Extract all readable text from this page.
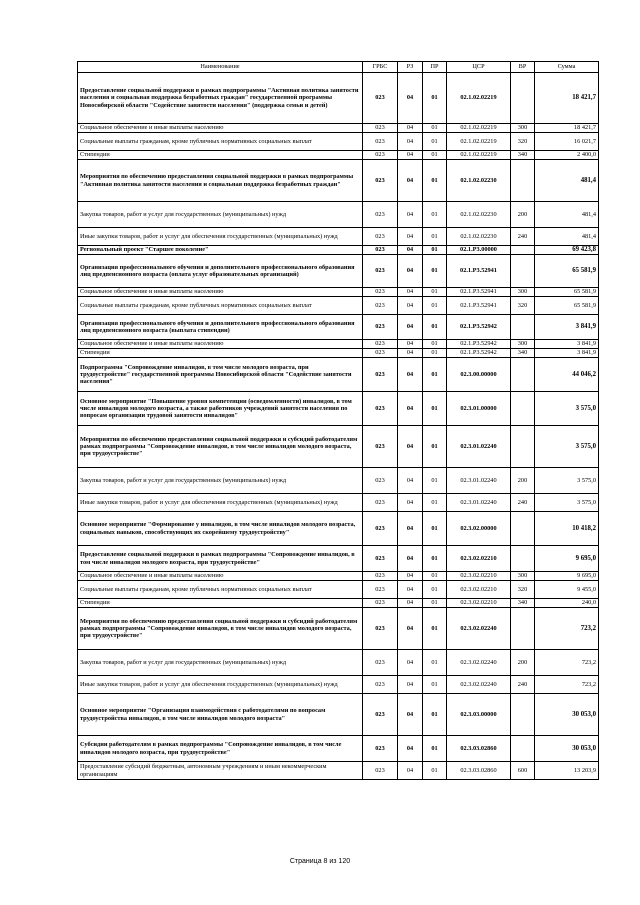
Наименование	ГРБС	РЗ	ПР	ЦСР	ВР	Сумма
Предоставление социальной поддержки в рамках подпрограммы "Активная политика занятости населения и социальная поддержка безработных граждан" государственной программы Новосибирской области "Содействие занятости населения" (поддержка семьи и детей)	023	04	01	02.1.02.02219		18 421,7
Социальное обеспечение и иные выплаты населению	023	04	01	02.1.02.02219	300	18 421,7
Социальные выплаты гражданам, кроме публичных нормативных социальных выплат	023	04	01	02.1.02.02219	320	16 021,7
Стипендии	023	04	01	02.1.02.02219	340	2 400,0
Мероприятия по обеспечению предоставления социальной поддержки в рамках подпрограммы "Активная политика занятости населения и социальная поддержка безработных граждан"	023	04	01	02.1.02.02230		481,4
Закупка товаров, работ и услуг для государственных (муниципальных) нужд	023	04	01	02.1.02.02230	200	481,4
Иные закупки товаров, работ и услуг для обеспечения государственных (муниципальных) нужд	023	04	01	02.1.02.02230	240	481,4
Региональный проект "Старшее поколение"	023	04	01	02.1.P3.00000		69 423,8
Организация профессионального обучения и дополнительного профессионального образования лиц предпенсионного возраста (оплата услуг образовательных организаций)	023	04	01	02.1.P3.52941		65 581,9
Социальное обеспечение и иные выплаты населению	023	04	01	02.1.P3.52941	300	65 581,9
Социальные выплаты гражданам, кроме публичных нормативных социальных выплат	023	04	01	02.1.P3.52941	320	65 581,9
Организация профессионального обучения и дополнительного профессионального образования лиц предпенсионного возраста (выплата стипендии)	023	04	01	02.1.P3.52942		3 841,9
Социальное обеспечение и иные выплаты населению	023	04	01	02.1.P3.52942	300	3 841,9
Стипендии	023	04	01	02.1.P3.52942	340	3 841,9
Подпрограмма "Сопровождение инвалидов, в том числе молодого возраста, при трудоустройстве" государственной программы Новосибирской области "Содействие занятости населения"	023	04	01	02.3.00.00000		44 046,2
Основное мероприятие "Повышение уровня компетенции (осведомленности) инвалидов, в том числе инвалидов молодого возраста, а также работников учреждений занятости населения по вопросам организации трудовой занятости инвалидов"	023	04	01	02.3.01.00000		3 575,0
Мероприятия по обеспечению предоставления социальной поддержки и субсидий работодателям рамках подпрограммы "Сопровождение инвалидов, в том числе инвалидов молодого возраста, при трудоустройстве"	023	04	01	02.3.01.02240		3 575,0
Закупка товаров, работ и услуг для государственных (муниципальных) нужд	023	04	01	02.3.01.02240	200	3 575,0
Иные закупки товаров, работ и услуг для обеспечения государственных (муниципальных) нужд	023	04	01	02.3.01.02240	240	3 575,0
Основное мероприятие "Формирование у инвалидов, в том числе инвалидов молодого возраста, социальных навыков, способствующих их скорейшему трудоустройству"	023	04	01	02.3.02.00000		10 418,2
Предоставление социальной поддержки в рамках подпрограммы "Сопровождение инвалидов, в том числе инвалидов молодого возраста, при трудоустройстве"	023	04	01	02.3.02.02210		9 695,0
Социальное обеспечение и иные выплаты населению	023	04	01	02.3.02.02210	300	9 695,0
Социальные выплаты гражданам, кроме публичных нормативных социальных выплат	023	04	01	02.3.02.02210	320	9 455,0
Стипендии	023	04	01	02.3.02.02210	340	240,0
Мероприятия по обеспечению предоставления социальной поддержки и субсидий работодателям рамках подпрограммы "Сопровождение инвалидов, в том числе инвалидов молодого возраста, при трудоустройстве"	023	04	01	02.3.02.02240		723,2
Закупка товаров, работ и услуг для государственных (муниципальных) нужд	023	04	01	02.3.02.02240	200	723,2
Иные закупки товаров, работ и услуг для обеспечения государственных (муниципальных) нужд	023	04	01	02.3.02.02240	240	723,2
Основное мероприятие "Организация взаимодействия с работодателями по вопросам трудоустройства инвалидов, в том числе инвалидов молодого возраста"	023	04	01	02.3.03.00000		30 053,0
Субсидии работодателям в рамках подпрограммы "Сопровождение инвалидов, в том числе инвалидов молодого возраста, при трудоустройстве"	023	04	01	02.3.03.02860		30 053,0
Предоставление субсидий бюджетным, автономным учреждениям и иным некоммерческим организациям	023	04	01	02.3.03.02860	600	13 203,9
Страница 8 из 120
